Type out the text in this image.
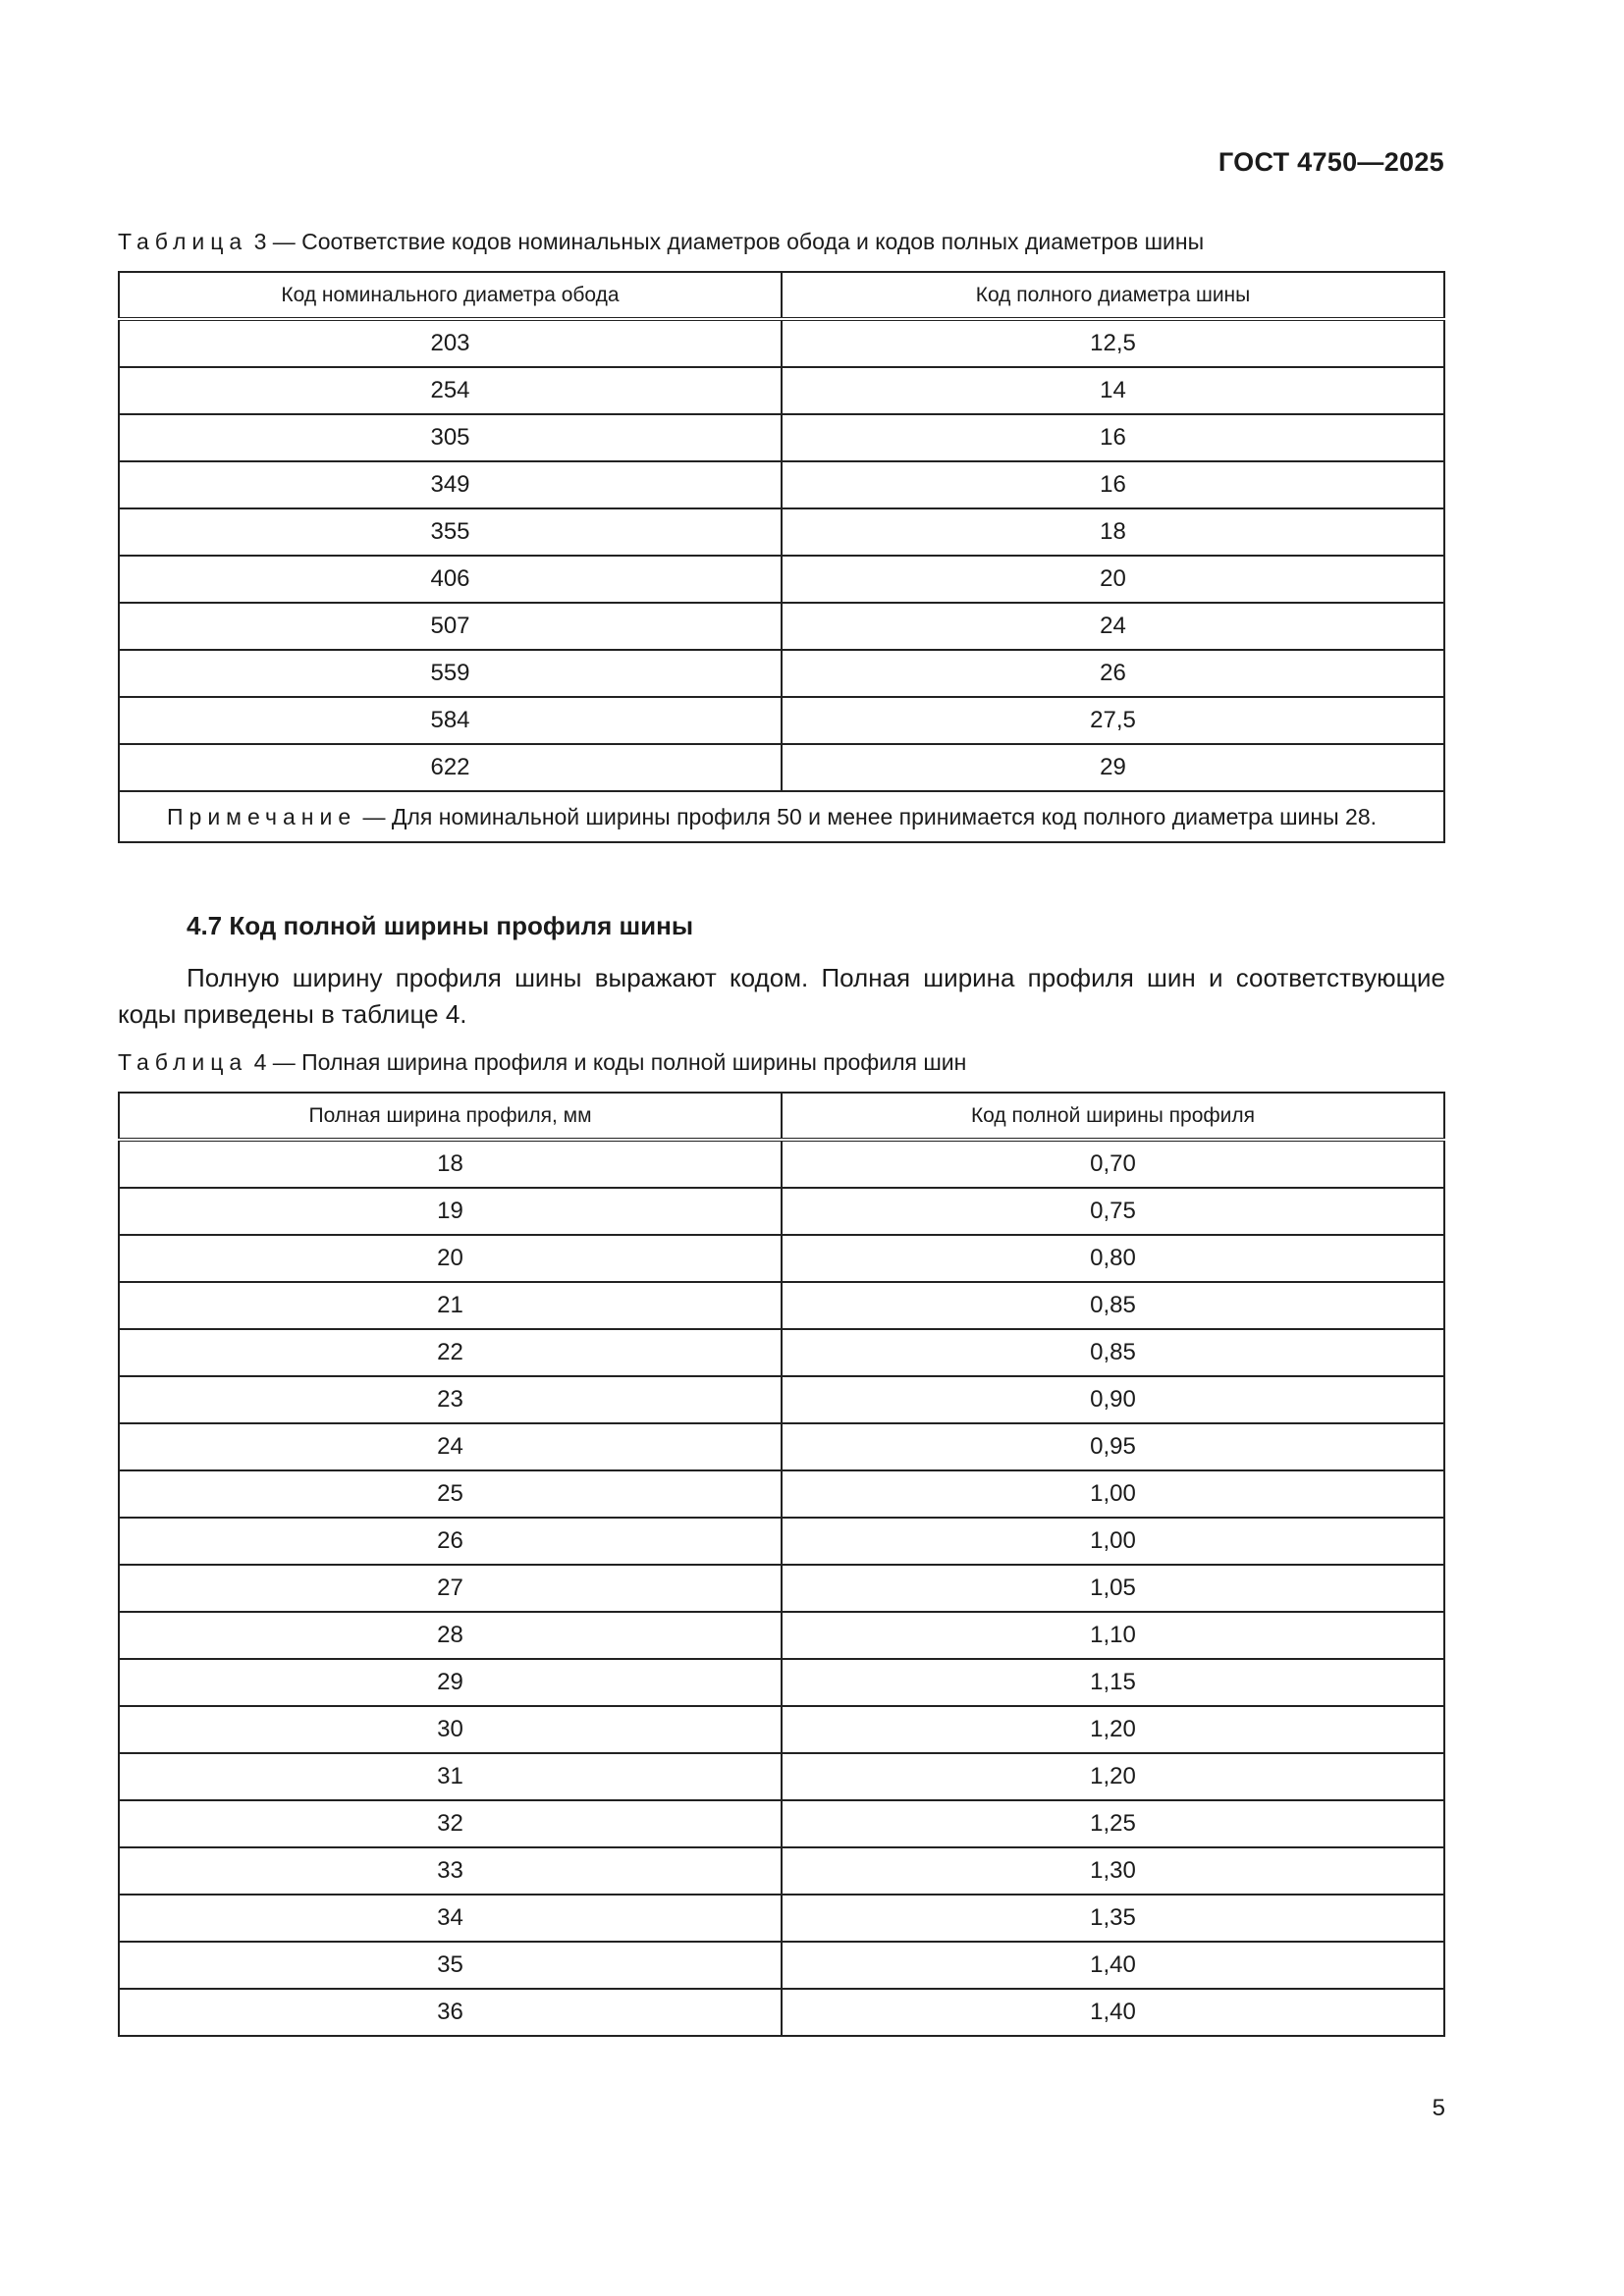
ГОСТ 4750—2025
Таблица 3 — Соответствие кодов номинальных диаметров обода и кодов полных диаметров шины
Код номинального диаметра обода	Код полного диаметра шины
203	12,5
254	14
305	16
349	16
355	18
406	20
507	24
559	26
584	27,5
622	29
Примечание — Для номинальной ширины профиля 50 и менее принимается код полного диаметра шины 28.	
4.7 Код полной ширины профиля шины
Полную ширину профиля шины выражают кодом. Полная ширина профиля шин и соответствующие коды приведены в таблице 4.
Таблица 4 — Полная ширина профиля и коды полной ширины профиля шин
Полная ширина профиля, мм	Код полной ширины профиля
18	0,70
19	0,75
20	0,80
21	0,85
22	0,85
23	0,90
24	0,95
25	1,00
26	1,00
27	1,05
28	1,10
29	1,15
30	1,20
31	1,20
32	1,25
33	1,30
34	1,35
35	1,40
36	1,40
5
